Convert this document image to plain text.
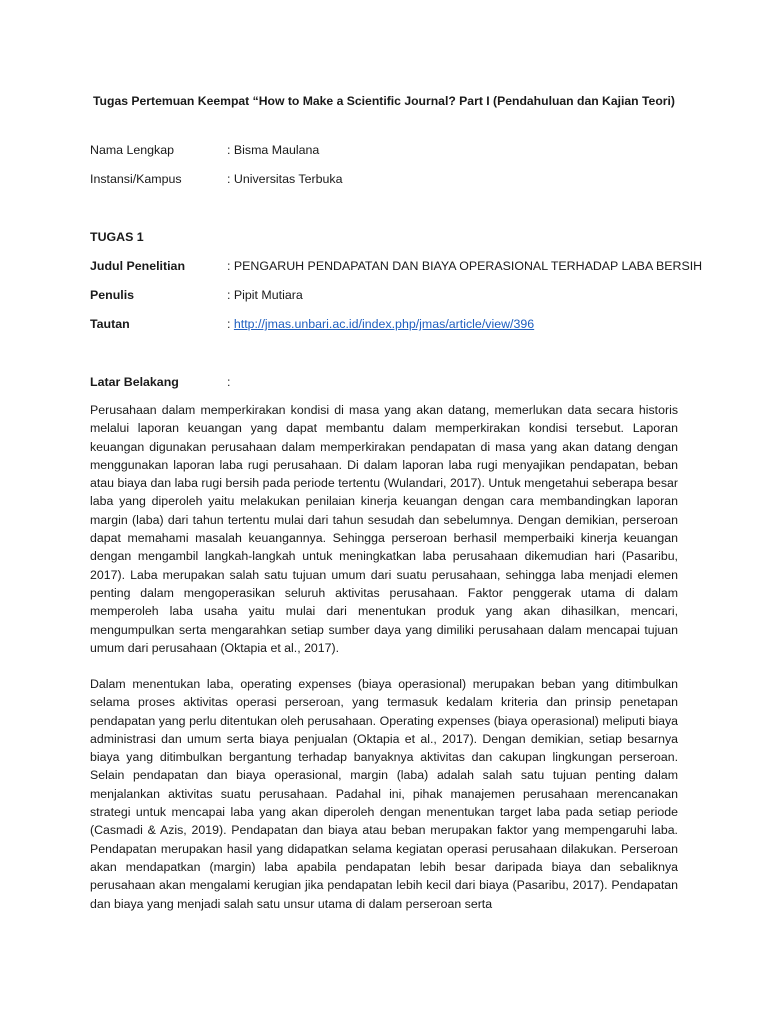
Tugas Pertemuan Keempat “How to Make a Scientific Journal? Part I (Pendahuluan dan Kajian Teori)
Nama Lengkap	: Bisma Maulana
Instansi/Kampus	: Universitas Terbuka
TUGAS 1
Judul Penelitian	: PENGARUH PENDAPATAN DAN BIAYA OPERASIONAL TERHADAP LABA BERSIH
Penulis	: Pipit Mutiara
Tautan	: http://jmas.unbari.ac.id/index.php/jmas/article/view/396
Latar Belakang	:

Perusahaan dalam memperkirakan kondisi di masa yang akan datang, memerlukan data secara historis melalui laporan keuangan yang dapat membantu dalam memperkirakan kondisi tersebut. Laporan keuangan digunakan perusahaan dalam memperkirakan pendapatan di masa yang akan datang dengan menggunakan laporan laba rugi perusahaan. Di dalam laporan laba rugi menyajikan pendapatan, beban atau biaya dan laba rugi bersih pada periode tertentu (Wulandari, 2017). Untuk mengetahui seberapa besar laba yang diperoleh yaitu melakukan penilaian kinerja keuangan dengan cara membandingkan laporan margin (laba) dari tahun tertentu mulai dari tahun sesudah dan sebelumnya. Dengan demikian, perseroan dapat memahami masalah keuangannya. Sehingga perseroan berhasil memperbaiki kinerja keuangan dengan mengambil langkah-langkah untuk meningkatkan laba perusahaan dikemudian hari (Pasaribu, 2017). Laba merupakan salah satu tujuan umum dari suatu perusahaan, sehingga laba menjadi elemen penting dalam mengoperasikan seluruh aktivitas perusahaan. Faktor penggerak utama di dalam memperoleh laba usaha yaitu mulai dari menentukan produk yang akan dihasilkan, mencari, mengumpulkan serta mengarahkan setiap sumber daya yang dimiliki perusahaan dalam mencapai tujuan umum dari perusahaan (Oktapia et al., 2017).

Dalam menentukan laba, operating expenses (biaya operasional) merupakan beban yang ditimbulkan selama proses aktivitas operasi perseroan, yang termasuk kedalam kriteria dan prinsip penetapan pendapatan yang perlu ditentukan oleh perusahaan. Operating expenses (biaya operasional) meliputi biaya administrasi dan umum serta biaya penjualan (Oktapia et al., 2017). Dengan demikian, setiap besarnya biaya yang ditimbulkan bergantung terhadap banyaknya aktivitas dan cakupan lingkungan perseroan. Selain pendapatan dan biaya operasional, margin (laba) adalah salah satu tujuan penting dalam menjalankan aktivitas suatu perusahaan. Padahal ini, pihak manajemen perusahaan merencanakan strategi untuk mencapai laba yang akan diperoleh dengan menentukan target laba pada setiap periode (Casmadi & Azis, 2019). Pendapatan dan biaya atau beban merupakan faktor yang mempengaruhi laba. Pendapatan merupakan hasil yang didapatkan selama kegiatan operasi perusahaan dilakukan. Perseroan akan mendapatkan (margin) laba apabila pendapatan lebih besar daripada biaya dan sebaliknya perusahaan akan mengalami kerugian jika pendapatan lebih kecil dari biaya (Pasaribu, 2017). Pendapatan dan biaya yang menjadi salah satu unsur utama di dalam perseroan serta
